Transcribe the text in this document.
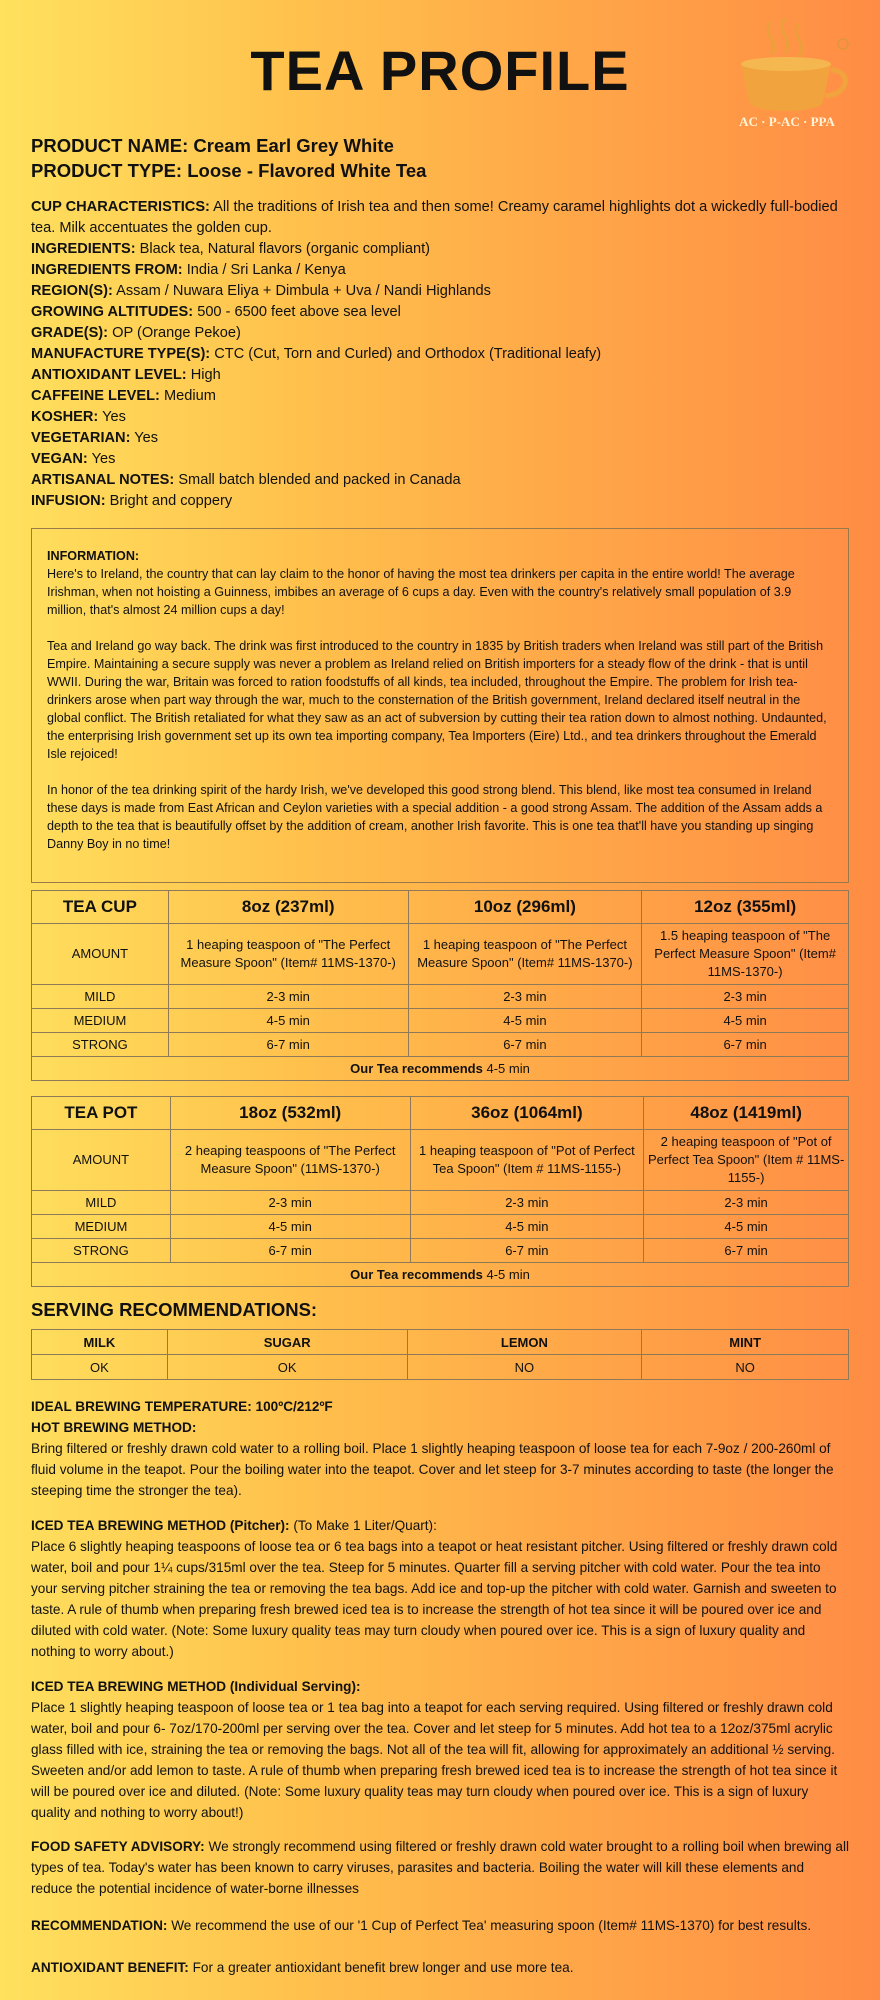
TEA PROFILE
AC · P-AC · PPA
PRODUCT NAME: Cream Earl Grey White
PRODUCT TYPE: Loose - Flavored White Tea

CUP CHARACTERISTICS: All the traditions of Irish tea and then some! Creamy caramel highlights dot a wickedly full-bodied tea. Milk accentuates the golden cup.

INGREDIENTS: Black tea, Natural flavors (organic compliant)

INGREDIENTS FROM: India / Sri Lanka / Kenya

REGION(S): Assam / Nuwara Eliya + Dimbula + Uva / Nandi Highlands

GROWING ALTITUDES: 500 - 6500 feet above sea level

GRADE(S): OP (Orange Pekoe)

MANUFACTURE TYPE(S): CTC (Cut, Torn and Curled) and Orthodox (Traditional leafy)

ANTIOXIDANT LEVEL: High

CAFFEINE LEVEL: Medium

KOSHER: Yes

VEGETARIAN: Yes

VEGAN: Yes

ARTISANAL NOTES: Small batch blended and packed in Canada

INFUSION: Bright and coppery

INFORMATION:

Here's to Ireland, the country that can lay claim to the honor of having the most tea drinkers per capita in the entire world! The average Irishman, when not hoisting a Guinness, imbibes an average of 6 cups a day. Even with the country's relatively small population of 3.9 million, that's almost 24 million cups a day!

Tea and Ireland go way back. The drink was first introduced to the country in 1835 by British traders when Ireland was still part of the British Empire. Maintaining a secure supply was never a problem as Ireland relied on British importers for a steady flow of the drink - that is until WWII. During the war, Britain was forced to ration foodstuffs of all kinds, tea included, throughout the Empire. The problem for Irish tea-drinkers arose when part way through the war, much to the consternation of the British government, Ireland declared itself neutral in the global conflict. The British retaliated for what they saw as an act of subversion by cutting their tea ration down to almost nothing. Undaunted, the enterprising Irish government set up its own tea importing company, Tea Importers (Eire) Ltd., and tea drinkers throughout the Emerald Isle rejoiced!

In honor of the tea drinking spirit of the hardy Irish, we've developed this good strong blend. This blend, like most tea consumed in Ireland these days is made from East African and Ceylon varieties with a special addition - a good strong Assam. The addition of the Assam adds a depth to the tea that is beautifully offset by the addition of cream, another Irish favorite. This is one tea that'll have you standing up singing Danny Boy in no time!

TEA CUP	8oz (237ml)	10oz (296ml)	12oz (355ml)
AMOUNT	1 heaping teaspoon of "The Perfect Measure Spoon" (Item# 11MS-1370-)	1 heaping teaspoon of "The Perfect Measure Spoon" (Item# 11MS-1370-)	1.5 heaping teaspoon of "The Perfect Measure Spoon" (Item# 11MS-1370-)
MILD	2-3 min	2-3 min	2-3 min
MEDIUM	4-5 min	4-5 min	4-5 min
STRONG	6-7 min	6-7 min	6-7 min
Our Tea recommends 4-5 min			
TEA POT	18oz (532ml)	36oz (1064ml)	48oz (1419ml)
AMOUNT	2 heaping teaspoons of "The Perfect Measure Spoon" (11MS-1370-)	1 heaping teaspoon of "Pot of Perfect Tea Spoon" (Item # 11MS-1155-)	2 heaping teaspoon of "Pot of Perfect Tea Spoon" (Item # 11MS-1155-)
MILD	2-3 min	2-3 min	2-3 min
MEDIUM	4-5 min	4-5 min	4-5 min
STRONG	6-7 min	6-7 min	6-7 min
Our Tea recommends 4-5 min			
SERVING RECOMMENDATIONS:
MILK	SUGAR	LEMON	MINT
OK	OK	NO	NO

IDEAL BREWING TEMPERATURE: 100ºC/212ºF

HOT BREWING METHOD:

Bring filtered or freshly drawn cold water to a rolling boil. Place 1 slightly heaping teaspoon of loose tea for each 7-9oz / 200-260ml of fluid volume in the teapot. Pour the boiling water into the teapot. Cover and let steep for 3-7 minutes according to taste (the longer the steeping time the stronger the tea).

ICED TEA BREWING METHOD (Pitcher): (To Make 1 Liter/Quart):

Place 6 slightly heaping teaspoons of loose tea or 6 tea bags into a teapot or heat resistant pitcher. Using filtered or freshly drawn cold water, boil and pour 1¼ cups/315ml over the tea. Steep for 5 minutes. Quarter fill a serving pitcher with cold water. Pour the tea into your serving pitcher straining the tea or removing the tea bags. Add ice and top-up the pitcher with cold water. Garnish and sweeten to taste. A rule of thumb when preparing fresh brewed iced tea is to increase the strength of hot tea since it will be poured over ice and diluted with cold water. (Note: Some luxury quality teas may turn cloudy when poured over ice. This is a sign of luxury quality and nothing to worry about.)

ICED TEA BREWING METHOD (Individual Serving):

Place 1 slightly heaping teaspoon of loose tea or 1 tea bag into a teapot for each serving required. Using filtered or freshly drawn cold water, boil and pour 6- 7oz/170-200ml per serving over the tea. Cover and let steep for 5 minutes. Add hot tea to a 12oz/375ml acrylic glass filled with ice, straining the tea or removing the bags. Not all of the tea will fit, allowing for approximately an additional ½ serving. Sweeten and/or add lemon to taste. A rule of thumb when preparing fresh brewed iced tea is to increase the strength of hot tea since it will be poured over ice and diluted. (Note: Some luxury quality teas may turn cloudy when poured over ice. This is a sign of luxury quality and nothing to worry about!)

FOOD SAFETY ADVISORY: We strongly recommend using filtered or freshly drawn cold water brought to a rolling boil when brewing all types of tea. Today's water has been known to carry viruses, parasites and bacteria. Boiling the water will kill these elements and reduce the potential incidence of water-borne illnesses

RECOMMENDATION: We recommend the use of our '1 Cup of Perfect Tea' measuring spoon (Item# 11MS-1370) for best results.

ANTIOXIDANT BENEFIT: For a greater antioxidant benefit brew longer and use more tea.
